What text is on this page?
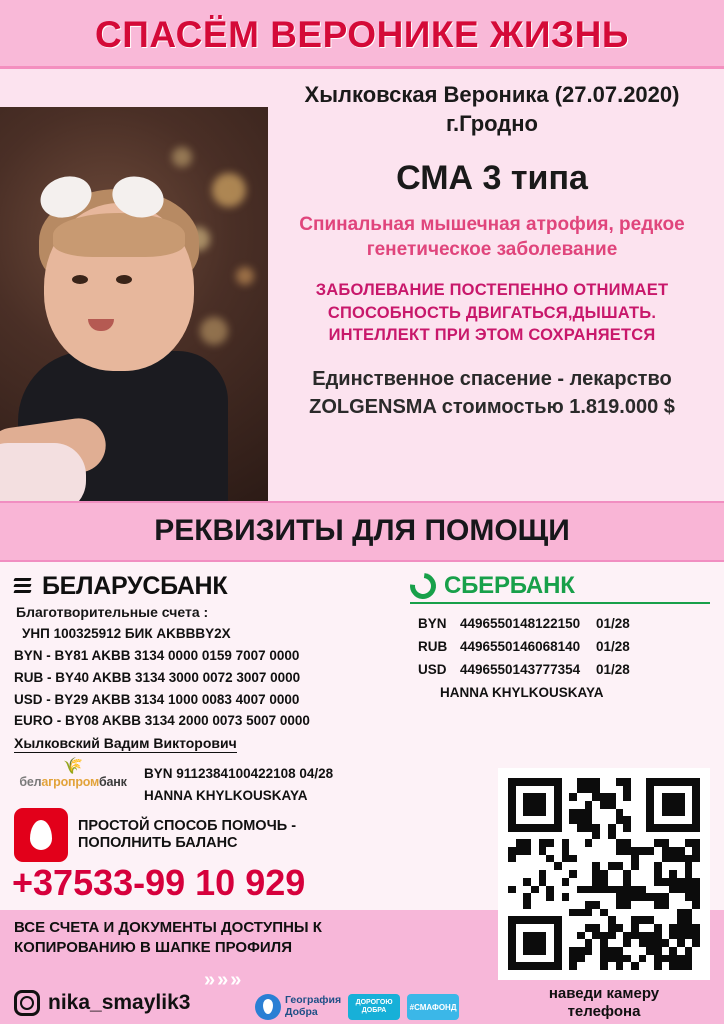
СПАСЁМ ВЕРОНИКЕ ЖИЗНЬ
Хылковская Вероника (27.07.2020)
г.Гродно
СМА 3 типа
Спинальная мышечная атрофия, редкое генетическое заболевание
ЗАБОЛЕВАНИЕ ПОСТЕПЕННО ОТНИМАЕТ СПОСОБНОСТЬ ДВИГАТЬСЯ,ДЫШАТЬ. ИНТЕЛЛЕКТ ПРИ ЭТОМ СОХРАНЯЕТСЯ
Единственное спасение - лекарство ZOLGENSMA стоимостью 1.819.000 $
РЕКВИЗИТЫ ДЛЯ ПОМОЩИ
БЕЛАРУСБАНК
Благотворительные счета :
УНП 100325912 БИК AKBBBY2X
BYN - BY81 AKBB 3134 0000 0159 7007 0000
RUB - BY40 AKBB 3134 3000 0072 3007 0000
USD - BY29 AKBB 3134 1000 0083 4007 0000
EURO - BY08 AKBB 3134 2000 0073 5007 0000
Хылковский Вадим Викторович
СБЕРБАНК
BYN 4496550148122150 01/28
RUB 4496550146068140 01/28
USD 4496550143777354 01/28
HANNA KHYLKOUSKAYA
🌾
белагропромбанк
BYN 9112384100422108 04/28
HANNA KHYLKOUSKAYA
ПРОСТОЙ СПОСОБ ПОМОЧЬ -
ПОПОЛНИТЬ БАЛАНС
+37533-99 10 929
ВСЕ СЧЕТА И ДОКУМЕНТЫ ДОСТУПНЫ К
КОПИРОВАНИЮ В ШАПКЕ ПРОФИЛЯ
»»»
nika_smaylik3	География
Добра
ДОРОГОЮ ДОБРА	#СМАФОНД
наведи камеру
телефона
